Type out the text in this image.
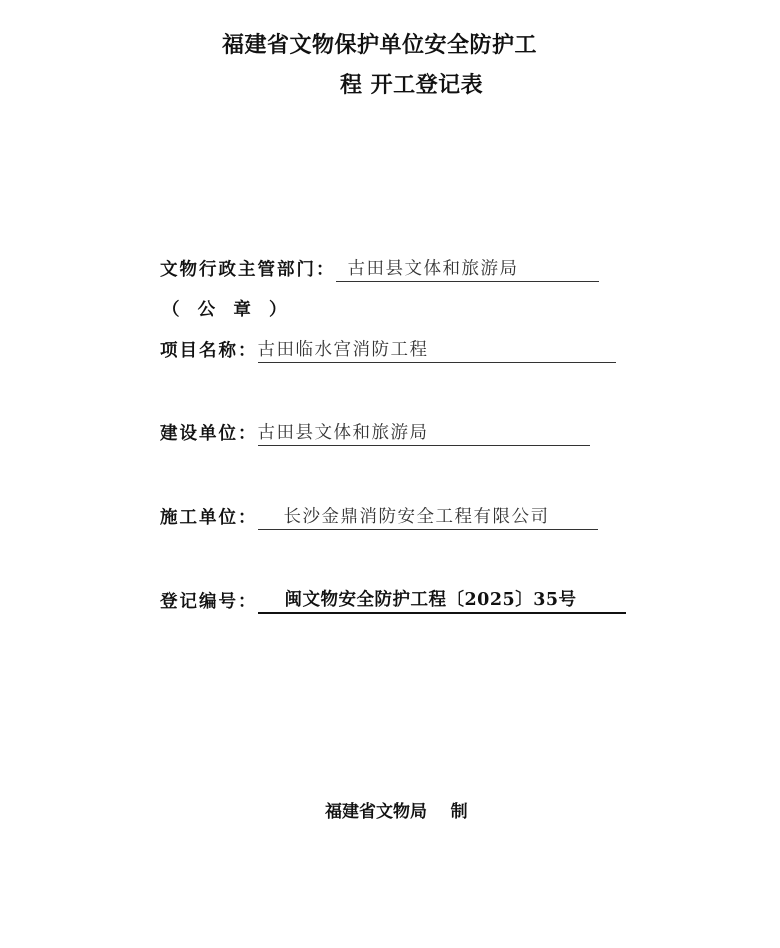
福建省文物保护单位安全防护工
程 开工登记表
文物行政主管部门： 古田县文体和旅游局
（  公  章  ）
项目名称： 古田临水宫消防工程
建设单位： 古田县文体和旅游局
施工单位： 长沙金鼎消防安全工程有限公司
登记编号： 闽文物安全防护工程〔2025〕35号
福建省文物局    制
